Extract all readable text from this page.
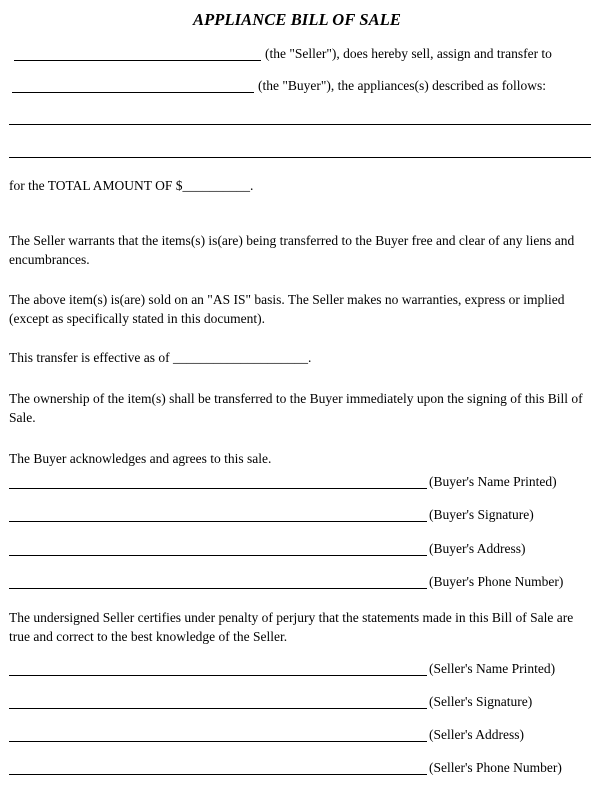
APPLIANCE BILL OF SALE
(the "Seller"), does hereby sell, assign and transfer to
(the "Buyer"), the appliances(s) described as follows:
for the TOTAL AMOUNT OF $__________.
The Seller warrants that the items(s) is(are) being transferred to the Buyer free and clear of any liens and encumbrances.
The above item(s) is(are) sold on an "AS IS" basis. The Seller makes no warranties, express or implied (except as specifically stated in this document).
This transfer is effective as of ____________________.
The ownership of the item(s) shall be transferred to the Buyer immediately upon the signing of this Bill of Sale.
The Buyer acknowledges and agrees to this sale.
(Buyer's Name Printed)
(Buyer's Signature)
(Buyer's Address)
(Buyer's Phone Number)
The undersigned Seller certifies under penalty of perjury that the statements made in this Bill of Sale are true and correct to the best knowledge of the Seller.
(Seller's Name Printed)
(Seller's Signature)
(Seller's Address)
(Seller's Phone Number)
